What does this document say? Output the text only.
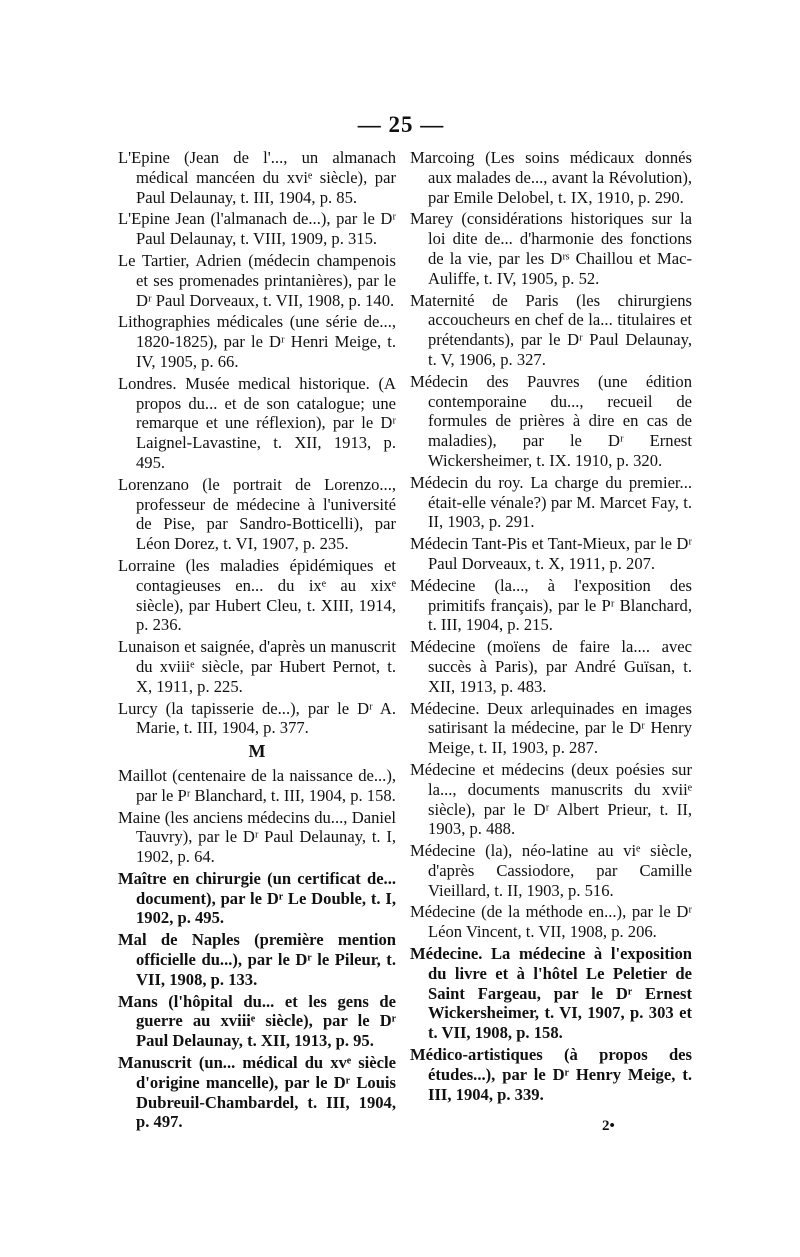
— 25 —

L'Epine (Jean de l'..., un almanach médical mancéen du xviᵉ siècle), par Paul Delaunay, t. III, 1904, p. 85.

L'Epine Jean (l'almanach de...), par le Dʳ Paul Delaunay, t. VIII, 1909, p. 315.

Le Tartier, Adrien (médecin champenois et ses promenades printanières), par le Dʳ Paul Dorveaux, t. VII, 1908, p. 140.

Lithographies médicales (une série de..., 1820-1825), par le Dʳ Henri Meige, t. IV, 1905, p. 66.

Londres. Musée medical historique. (A propos du... et de son catalogue; une remarque et une réflexion), par le Dʳ Laignel-Lavastine, t. XII, 1913, p. 495.

Lorenzano (le portrait de Lorenzo..., professeur de médecine à l'université de Pise, par Sandro-Botticelli), par Léon Dorez, t. VI, 1907, p. 235.

Lorraine (les maladies épidémiques et contagieuses en... du ixᵉ au xixᵉ siècle), par Hubert Cleu, t. XIII, 1914, p. 236.

Lunaison et saignée, d'après un manuscrit du xviiiᵉ siècle, par Hubert Pernot, t. X, 1911, p. 225.

Lurcy (la tapisserie de...), par le Dʳ A. Marie, t. III, 1904, p. 377.

M

Maillot (centenaire de la naissance de...), par le Pʳ Blanchard, t. III, 1904, p. 158.

Maine (les anciens médecins du..., Daniel Tauvry), par le Dʳ Paul Delaunay, t. I, 1902, p. 64.

Maître en chirurgie (un certificat de... document), par le Dʳ Le Double, t. I, 1902, p. 495.

Mal de Naples (première mention officielle du...), par le Dʳ le Pileur, t. VII, 1908, p. 133.

Mans (l'hôpital du... et les gens de guerre au xviiiᵉ siècle), par le Dʳ Paul Delaunay, t. XII, 1913, p. 95.

Manuscrit (un... médical du xvᵉ siècle d'origine mancelle), par le Dʳ Louis Dubreuil-Chambardel, t. III, 1904, p. 497.

Marcoing (Les soins médicaux donnés aux malades de..., avant la Révolution), par Emile Delobel, t. IX, 1910, p. 290.

Marey (considérations historiques sur la loi dite de... d'harmonie des fonctions de la vie, par les Dʳˢ Chaillou et Mac-Auliffe, t. IV, 1905, p. 52.

Maternité de Paris (les chirurgiens accoucheurs en chef de la... titulaires et prétendants), par le Dʳ Paul Delaunay, t. V, 1906, p. 327.

Médecin des Pauvres (une édition contemporaine du..., recueil de formules de prières à dire en cas de maladies), par le Dʳ Ernest Wickersheimer, t. IX. 1910, p. 320.

Médecin du roy. La charge du premier... était-elle vénale?) par M. Marcet Fay, t. II, 1903, p. 291.

Médecin Tant-Pis et Tant-Mieux, par le Dʳ Paul Dorveaux, t. X, 1911, p. 207.

Médecine (la..., à l'exposition des primitifs français), par le Pʳ Blanchard, t. III, 1904, p. 215.

Médecine (moïens de faire la.... avec succès à Paris), par André Guïsan, t. XII, 1913, p. 483.

Médecine. Deux arlequinades en images satirisant la médecine, par le Dʳ Henry Meige, t. II, 1903, p. 287.

Médecine et médecins (deux poésies sur la..., documents manuscrits du xviiᵉ siècle), par le Dʳ Albert Prieur, t. II, 1903, p. 488.

Médecine (la), néo-latine au viᵉ siècle, d'après Cassiodore, par Camille Vieillard, t. II, 1903, p. 516.

Médecine (de la méthode en...), par le Dʳ Léon Vincent, t. VII, 1908, p. 206.

Médecine. La médecine à l'exposition du livre et à l'hôtel Le Peletier de Saint Fargeau, par le Dʳ Ernest Wickersheimer, t. VI, 1907, p. 303 et t. VII, 1908, p. 158.

Médico-artistiques (à propos des études...), par le Dʳ Henry Meige, t. III, 1904, p. 339.

2•
